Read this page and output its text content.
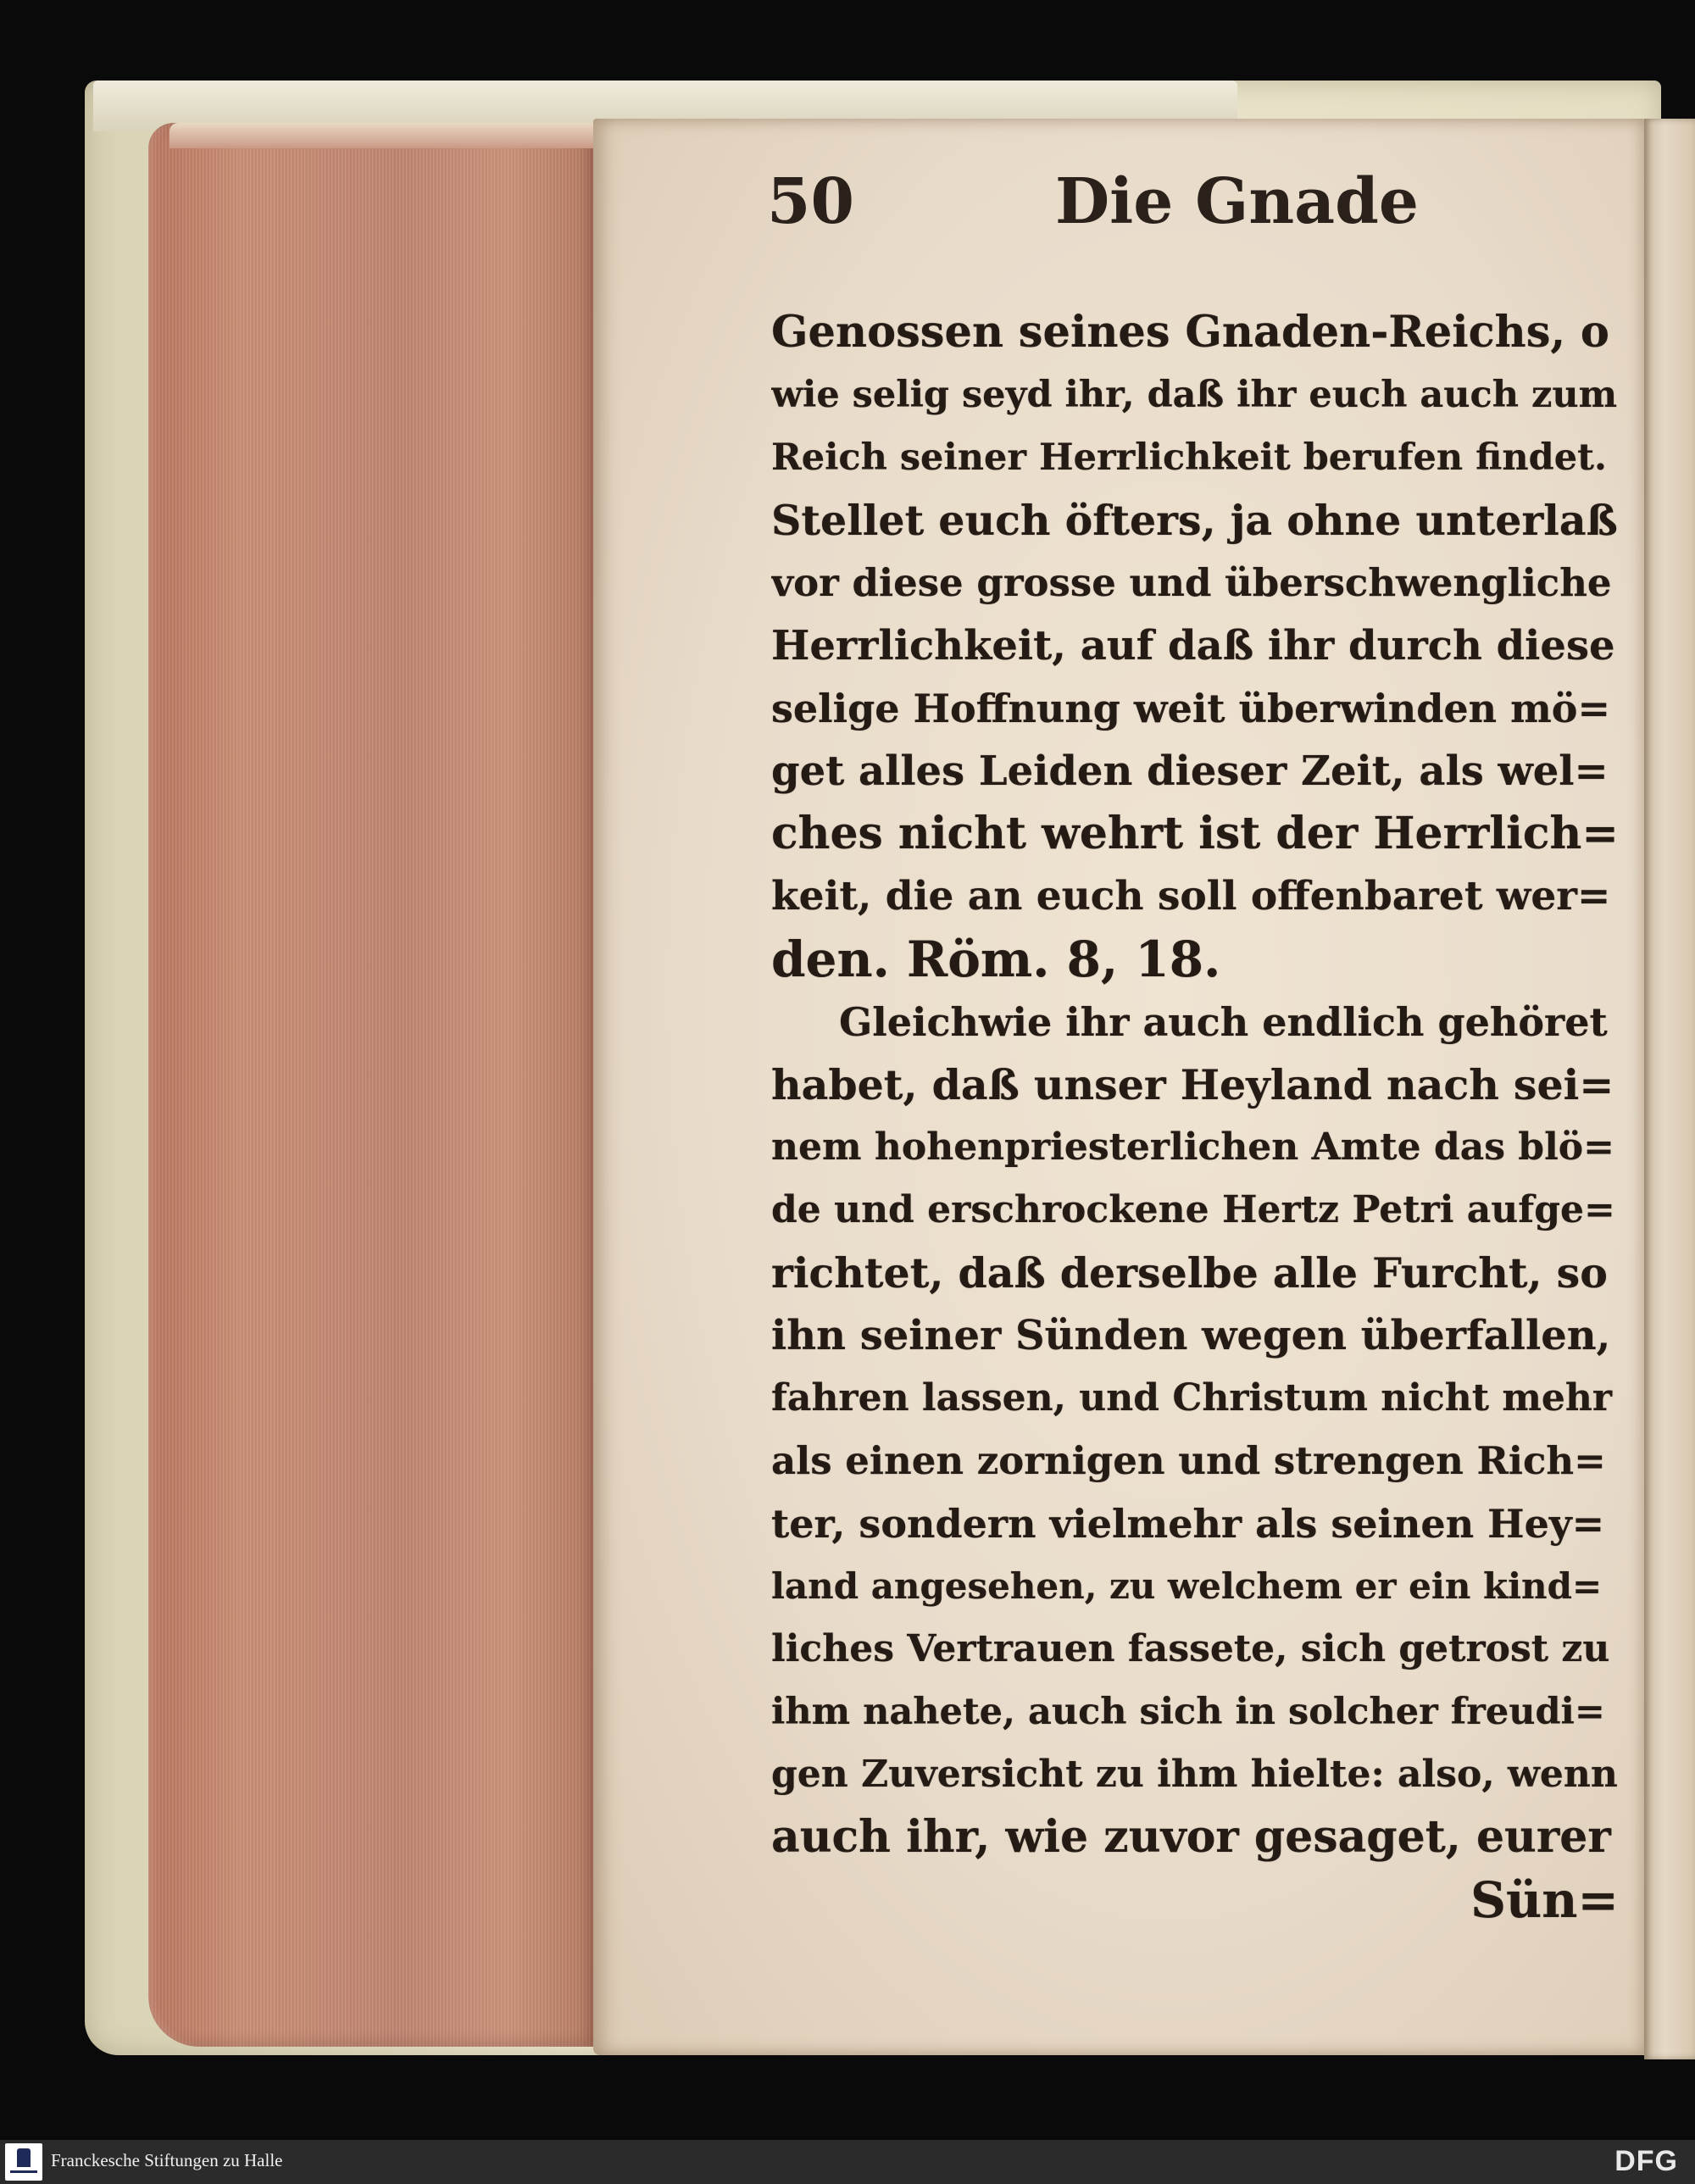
50	Die Gnade
Genossen seines Gnaden-Reichs, o
wie selig seyd ihr, daß ihr euch auch zum
Reich seiner Herrlichkeit berufen findet.
Stellet euch öfters, ja ohne unterlaß
vor diese grosse und überschwengliche
Herrlichkeit, auf daß ihr durch diese
selige Hoffnung weit überwinden mö=
get alles Leiden dieser Zeit, als wel=
ches nicht wehrt ist der Herrlich=
keit, die an euch soll offenbaret wer=
den. Röm. 8, 18.
Gleichwie ihr auch endlich gehöret
habet, daß unser Heyland nach sei=
nem hohenpriesterlichen Amte das blö=
de und erschrockene Hertz Petri aufge=
richtet, daß derselbe alle Furcht, so
ihn seiner Sünden wegen überfallen,
fahren lassen, und Christum nicht mehr
als einen zornigen und strengen Rich=
ter, sondern vielmehr als seinen Hey=
land angesehen, zu welchem er ein kind=
liches Vertrauen fassete, sich getrost zu
ihm nahete, auch sich in solcher freudi=
gen Zuversicht zu ihm hielte: also, wenn
auch ihr, wie zuvor gesaget, eurer
Sün=
Franckesche Stiftungen zu Halle	DFG
